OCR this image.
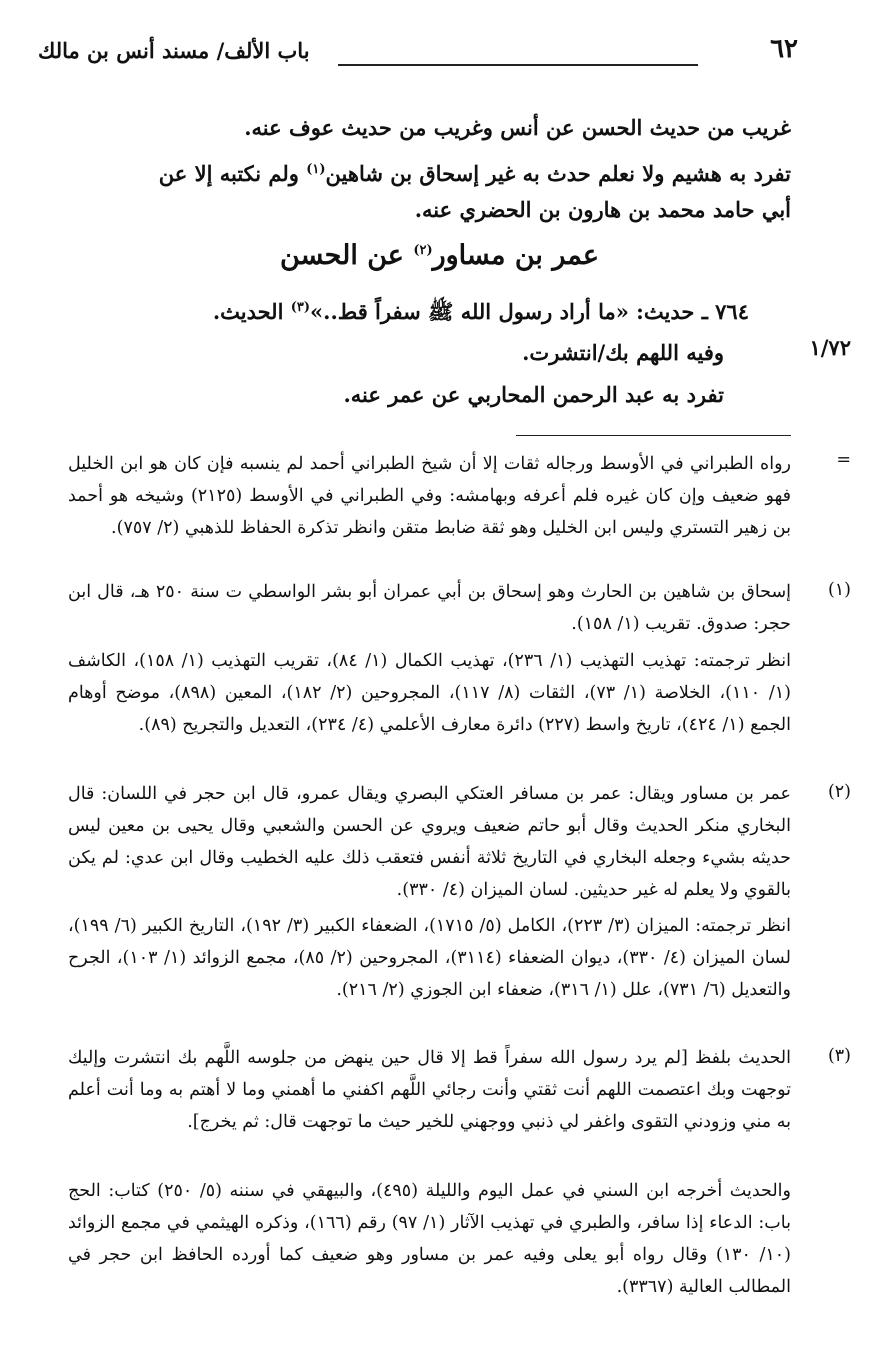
٦٢
باب الألف/ مسند أنس بن مالك
غريب من حديث الحسن عن أنس وغريب من حديث عوف عنه.
تفرد به هشيم ولا نعلم حدث به غير إسحاق بن شاهين$^{(١)}$ ولم نكتبه إلا عن
أبي حامد محمد بن هارون بن الحضري عنه.
عمر بن مساور$^{(٢)}$ عن الحسن
٧٦٤ ـ حديث: «ما أراد رسول الله ﷺ سفراً قط..»$^{(٣)}$ الحديث.
١/٧٢
وفيه اللهم بك/انتشرت.
تفرد به عبد الرحمن المحاربي عن عمر عنه.
=
رواه الطبراني في الأوسط ورجاله ثقات إلا أن شيخ الطبراني أحمد لم ينسبه فإن كان هو ابن الخليل فهو ضعيف وإن كان غيره فلم أعرفه وبهامشه: وفي الطبراني في الأوسط (٢١٢٥) وشيخه هو أحمد بن زهير التستري وليس ابن الخليل وهو ثقة ضابط متقن وانظر تذكرة الحفاظ للذهبي (٢/ ٧٥٧).
(١)
إسحاق بن شاهين بن الحارث وهو إسحاق بن أبي عمران أبو بشر الواسطي ت سنة ٢٥٠ هـ، قال ابن حجر: صدوق. تقريب (١/ ١٥٨).
انظر ترجمته: تهذيب التهذيب (١/ ٢٣٦)، تهذيب الكمال (١/ ٨٤)، تقريب التهذيب (١/ ١٥٨)، الكاشف (١/ ١١٠)، الخلاصة (١/ ٧٣)، الثقات (٨/ ١١٧)، المجروحين (٢/ ١٨٢)، المعين (٨٩٨)، موضح أوهام الجمع (١/ ٤٢٤)، تاريخ واسط (٢٢٧) دائرة معارف الأعلمي (٤/ ٢٣٤)، التعديل والتجريح (٨٩).
(٢)
عمر بن مساور ويقال: عمر بن مسافر العتكي البصري ويقال عمرو، قال ابن حجر في اللسان: قال البخاري منكر الحديث وقال أبو حاتم ضعيف ويروي عن الحسن والشعبي وقال يحيى بن معين ليس حديثه بشيء وجعله البخاري في التاريخ ثلاثة أنفس فتعقب ذلك عليه الخطيب وقال ابن عدي: لم يكن بالقوي ولا يعلم له غير حديثين. لسان الميزان (٤/ ٣٣٠).
انظر ترجمته: الميزان (٣/ ٢٢٣)، الكامل (٥/ ١٧١٥)، الضعفاء الكبير (٣/ ١٩٢)، التاريخ الكبير (٦/ ١٩٩)، لسان الميزان (٤/ ٣٣٠)، ديوان الضعفاء (٣١١٤)، المجروحين (٢/ ٨٥)، مجمع الزوائد (١/ ١٠٣)، الجرح والتعديل (٦/ ٧٣١)، علل (١/ ٣١٦)، ضعفاء ابن الجوزي (٢/ ٢١٦).
(٣)
الحديث بلفظ [لم يرد رسول الله سفراً قط إلا قال حين ينهض من جلوسه اللَّهم بك انتشرت وإليك توجهت وبك اعتصمت اللهم أنت ثقتي وأنت رجائي اللَّهم اكفني ما أهمني وما لا أهتم به وما أنت أعلم به مني وزودني التقوى واغفر لي ذنبي ووجهني للخير حيث ما توجهت قال: ثم يخرج].
والحديث أخرجه ابن السني في عمل اليوم والليلة (٤٩٥)، والبيهقي في سننه (٥/ ٢٥٠) كتاب: الحج باب: الدعاء إذا سافر، والطبري في تهذيب الآثار (١/ ٩٧) رقم (١٦٦)، وذكره الهيثمي في مجمع الزوائد (١٠/ ١٣٠) وقال رواه أبو يعلى وفيه عمر بن مساور وهو ضعيف كما أورده الحافظ ابن حجر في المطالب العالية (٣٣٦٧).
